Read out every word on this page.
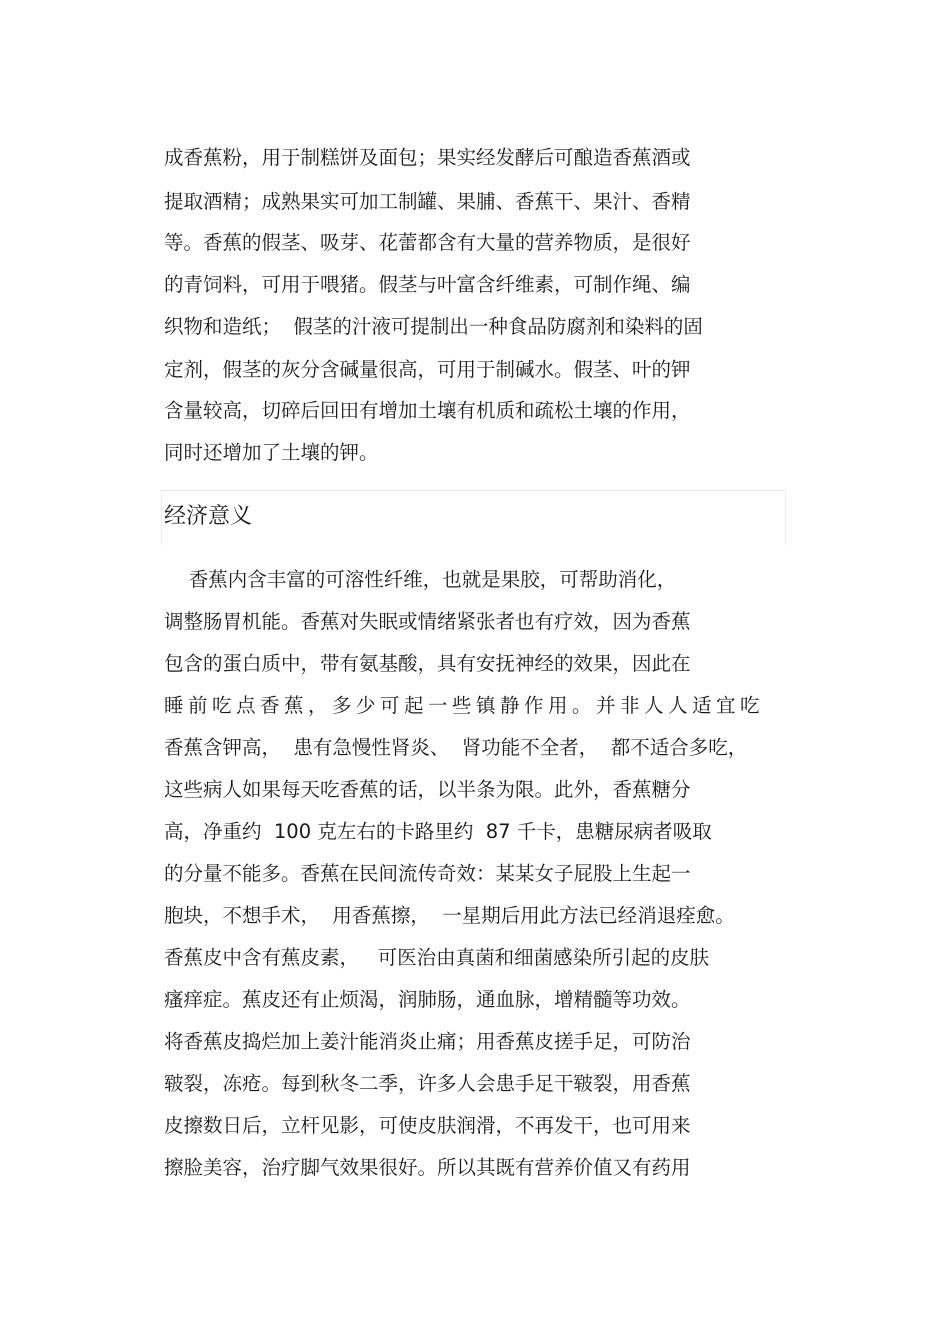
成香蕉粉，用于制糕饼及面包；果实经发酵后可酿造香蕉酒或

提取酒精；成熟果实可加工制罐、果脯、香蕉干、果汁、香精

等。香蕉的假茎、吸芽、花蕾都含有大量的营养物质，是很好

的青饲料，可用于喂猪。假茎与叶富含纤维素，可制作绳、编

织物和造纸；  假茎的汁液可提制出一种食品防腐剂和染料的固

定剂，假茎的灰分含碱量很高，可用于制碱水。假茎、叶的钾

含量较高，切碎后回田有增加土壤有机质和疏松土壤的作用，

同时还增加了土壤的钾。

经济意义

香蕉内含丰富的可溶性纤维，也就是果胶，可帮助消化，

调整肠胃机能。香蕉对失眠或情绪紧张者也有疗效，因为香蕉

包含的蛋白质中，带有氨基酸，具有安抚神经的效果，因此在

睡前吃点香蕉，多少可起一些镇静作用。并非人人适宜吃

香蕉含钾高，  患有急慢性肾炎、  肾功能不全者，  都不适合多吃，

这些病人如果每天吃香蕉的话，以半条为限。此外，香蕉糖分

高，净重约  100 克左右的卡路里约  87 千卡，患糖尿病者吸取

的分量不能多。香蕉在民间流传奇效：某某女子屁股上生起一

胞块，不想手术，  用香蕉擦，  一星期后用此方法已经消退痊愈。

香蕉皮中含有蕉皮素，   可医治由真菌和细菌感染所引起的皮肤

瘙痒症。蕉皮还有止烦渴，润肺肠，通血脉，增精髓等功效。

将香蕉皮捣烂加上姜汁能消炎止痛；用香蕉皮搓手足，可防治

皲裂，冻疮。每到秋冬二季，许多人会患手足干皲裂，用香蕉

皮擦数日后，立杆见影，可使皮肤润滑，不再发干，也可用来

擦脸美容，治疗脚气效果很好。所以其既有营养价值又有药用
